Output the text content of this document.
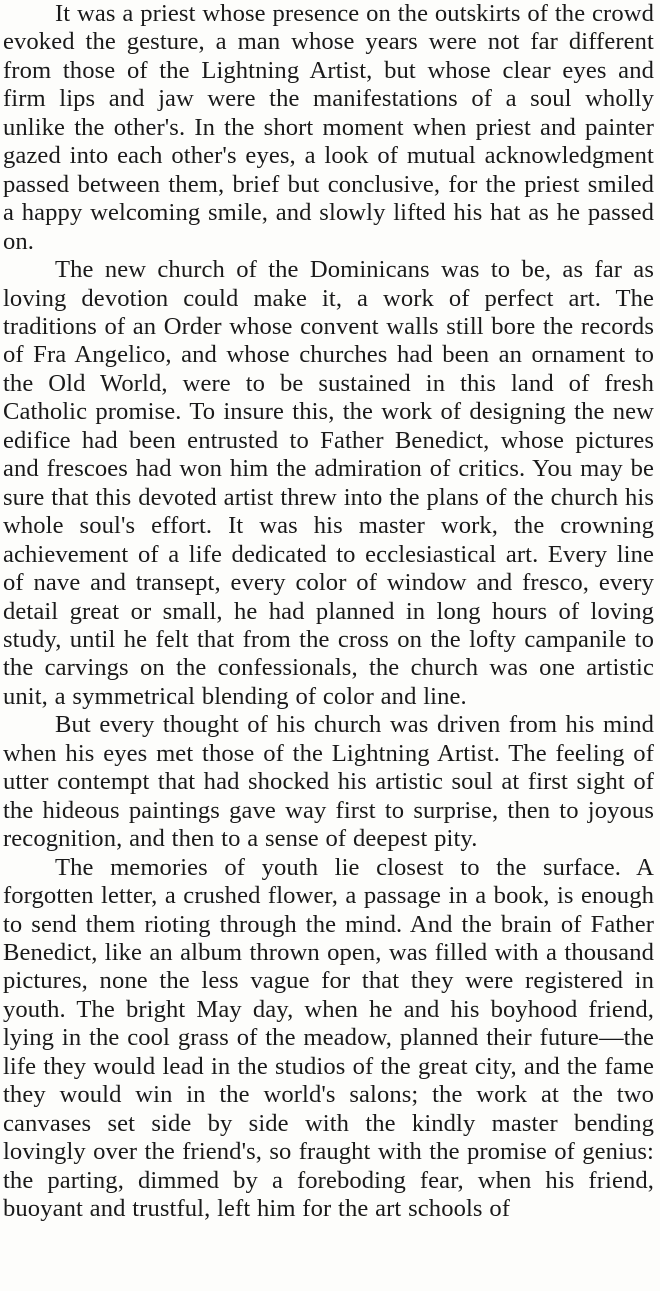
It was a priest whose presence on the outskirts of the crowd evoked the gesture, a man whose years were not far different from those of the Lightning Artist, but whose clear eyes and firm lips and jaw were the manifestations of a soul wholly unlike the other's. In the short moment when priest and painter gazed into each other's eyes, a look of mutual acknowledgment passed between them, brief but conclusive, for the priest smiled a happy welcoming smile, and slowly lifted his hat as he passed on.

The new church of the Dominicans was to be, as far as loving devotion could make it, a work of perfect art. The traditions of an Order whose convent walls still bore the records of Fra Angelico, and whose churches had been an ornament to the Old World, were to be sustained in this land of fresh Catholic promise. To insure this, the work of designing the new edifice had been entrusted to Father Benedict, whose pictures and frescoes had won him the admiration of critics. You may be sure that this devoted artist threw into the plans of the church his whole soul's effort. It was his master work, the crowning achievement of a life dedicated to ecclesiastical art. Every line of nave and transept, every color of window and fresco, every detail great or small, he had planned in long hours of loving study, until he felt that from the cross on the lofty campanile to the carvings on the confessionals, the church was one artistic unit, a symmetrical blending of color and line.

But every thought of his church was driven from his mind when his eyes met those of the Lightning Artist. The feeling of utter contempt that had shocked his artistic soul at first sight of the hideous paintings gave way first to surprise, then to joyous recognition, and then to a sense of deepest pity.

The memories of youth lie closest to the surface. A forgotten letter, a crushed flower, a passage in a book, is enough to send them rioting through the mind. And the brain of Father Benedict, like an album thrown open, was filled with a thousand pictures, none the less vague for that they were registered in youth. The bright May day, when he and his boyhood friend, lying in the cool grass of the meadow, planned their future—the life they would lead in the studios of the great city, and the fame they would win in the world's salons; the work at the two canvases set side by side with the kindly master bending lovingly over the friend's, so fraught with the promise of genius: the parting, dimmed by a foreboding fear, when his friend, buoyant and trustful, left him for the art schools of
